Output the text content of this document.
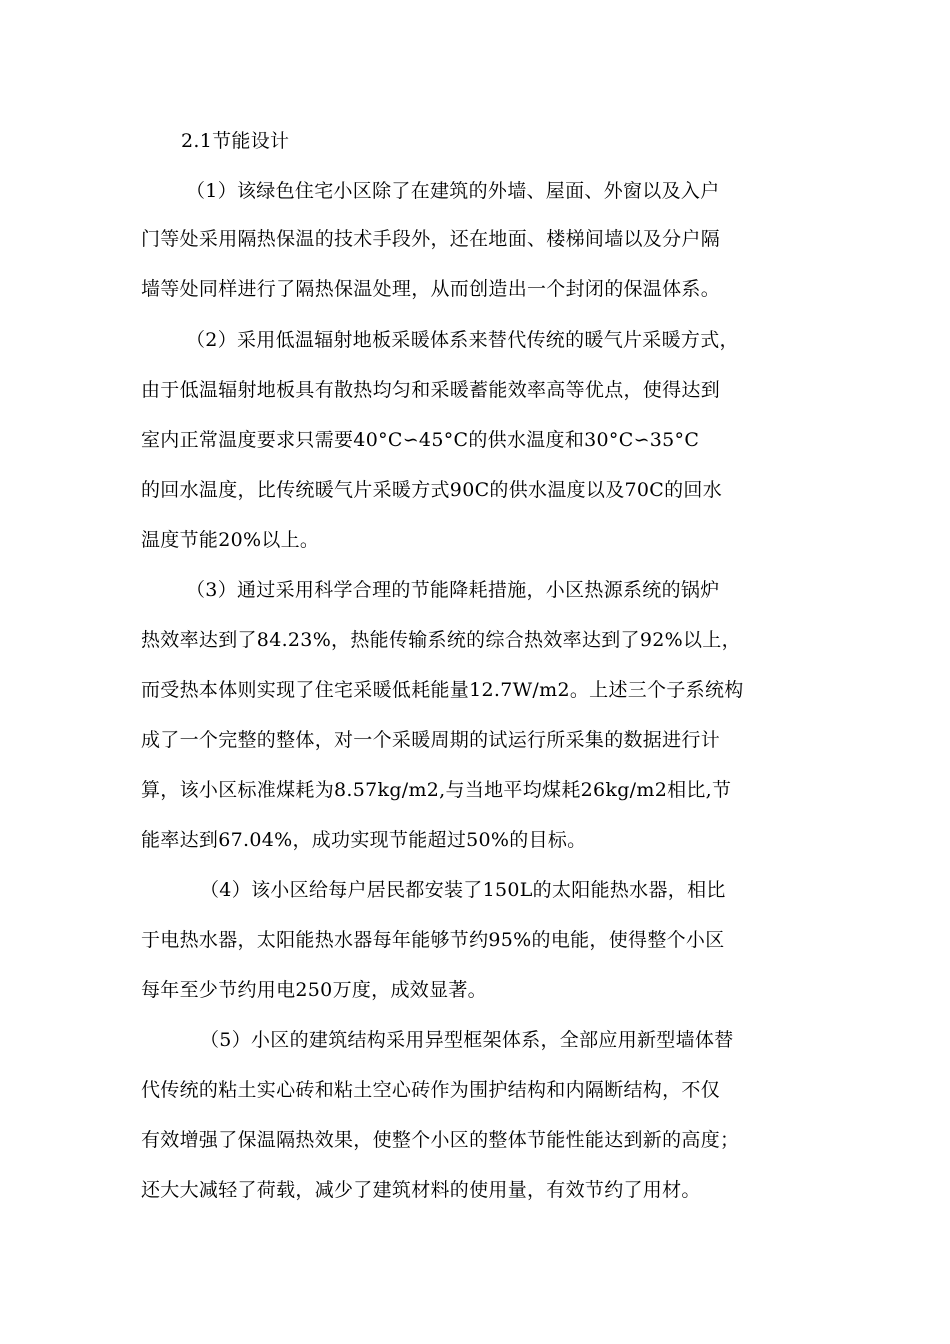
2.1节能设计
（1）该绿色住宅小区除了在建筑的外墙、屋面、外窗以及入户
门等处采用隔热保温的技术手段外，还在地面、楼梯间墙以及分户隔
墙等处同样进行了隔热保温处理，从而创造出一个封闭的保温体系。
（2）采用低温辐射地板采暖体系来替代传统的暖气片采暖方式，
由于低温辐射地板具有散热均匀和采暖蓄能效率高等优点，使得达到
室内正常温度要求只需要40°C∽45°C的供水温度和30°C∽35°C
的回水温度，比传统暖气片采暖方式90C的供水温度以及70C的回水
温度节能20%以上。
（3）通过采用科学合理的节能降耗措施，小区热源系统的锅炉
热效率达到了84.23%，热能传输系统的综合热效率达到了92%以上，
而受热本体则实现了住宅采暖低耗能量12.7W/m2。上述三个子系统构
成了一个完整的整体，对一个采暖周期的试运行所采集的数据进行计
算，该小区标准煤耗为8.57kg/m2,与当地平均煤耗26kg/m2相比,节
能率达到67.04%，成功实现节能超过50%的目标。
（4）该小区给每户居民都安装了150L的太阳能热水器，相比
于电热水器，太阳能热水器每年能够节约95%的电能，使得整个小区
每年至少节约用电250万度，成效显著。
（5）小区的建筑结构采用异型框架体系，全部应用新型墙体替
代传统的粘土实心砖和粘土空心砖作为围护结构和内隔断结构，不仅
有效增强了保温隔热效果，使整个小区的整体节能性能达到新的高度；
还大大减轻了荷载，减少了建筑材料的使用量，有效节约了用材。
